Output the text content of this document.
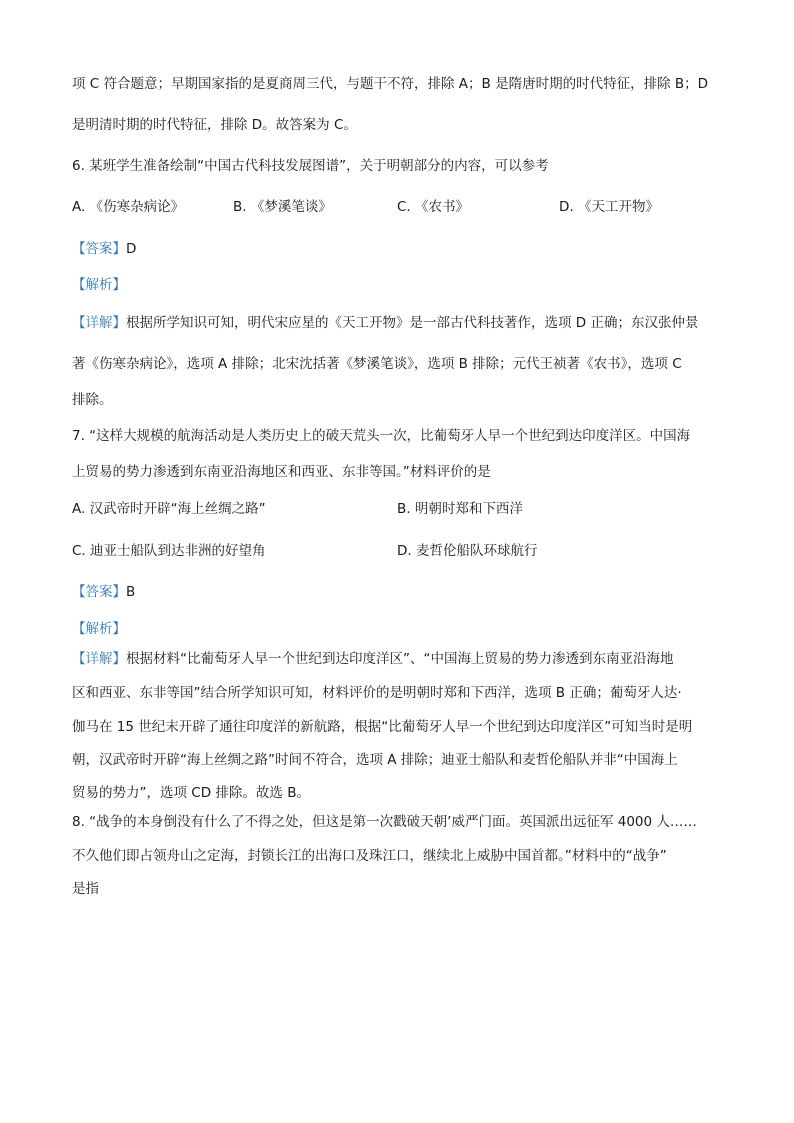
项 C 符合题意；早期国家指的是夏商周三代，与题干不符，排除 A；B 是隋唐时期的时代特征，排除 B；D
是明清时期的时代特征，排除 D。故答案为 C。
6. 某班学生准备绘制“中国古代科技发展图谱”，关于明朝部分的内容，可以参考
A. 《伤寒杂病论》	B. 《梦溪笔谈》	C. 《农书》	D. 《天工开物》
【答案】D
【解析】
【详解】根据所学知识可知，明代宋应星的《天工开物》是一部古代科技著作，选项 D 正确；东汉张仲景
著《伤寒杂病论》，选项 A 排除；北宋沈括著《梦溪笔谈》，选项 B 排除；元代王祯著《农书》，选项 C
排除。
7. “这样大规模的航海活动是人类历史上的破天荒头一次，比葡萄牙人早一个世纪到达印度洋区。中国海
上贸易的势力渗透到东南亚沿海地区和西亚、东非等国。”材料评价的是
A. 汉武帝时开辟“海上丝绸之路”	B. 明朝时郑和下西洋
C. 迪亚士船队到达非洲的好望角	D. 麦哲伦船队环球航行
【答案】B
【解析】
【详解】根据材料“比葡萄牙人早一个世纪到达印度洋区”、“中国海上贸易的势力渗透到东南亚沿海地
区和西亚、东非等国”结合所学知识可知，材料评价的是明朝时郑和下西洋，选项 B 正确；葡萄牙人达·
伽马在 15 世纪末开辟了通往印度洋的新航路，根据“比葡萄牙人早一个世纪到达印度洋区”可知当时是明
朝，汉武帝时开辟“海上丝绸之路”时间不符合，选项 A 排除；迪亚士船队和麦哲伦船队并非“中国海上
贸易的势力”，选项 CD 排除。故选 B。
8. “战争的本身倒没有什么了不得之处，但这是第一次戳破天朝’威严门面。英国派出远征军 4000 人……
不久他们即占领舟山之定海，封锁长江的出海口及珠江口，继续北上威胁中国首都。”材料中的“战争”
是指
